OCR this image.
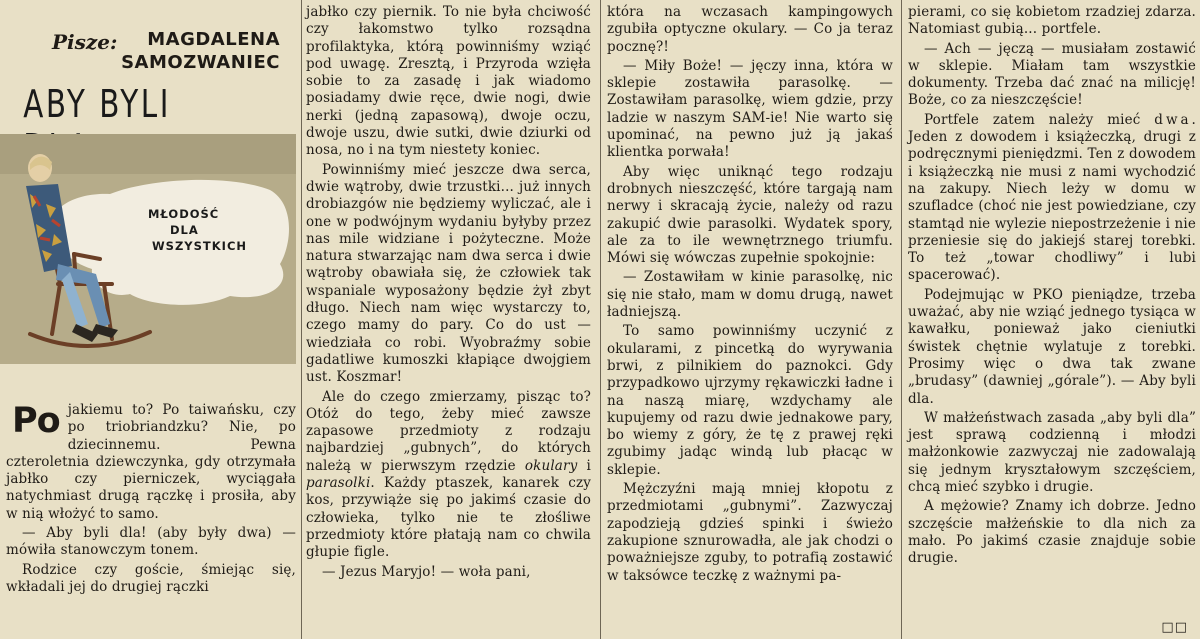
Pisze:	MAGDALENA SAMOZWANIEC
ABY BYLI
MŁODOŚĆ
DLA
WSZYSTKICH

Po jakiemu to? Po taiwańsku, czy po triobriandzku? Nie, po dziecinnemu. Pewna czteroletnia dziewczynka, gdy otrzymała jabłko czy pierniczek, wyciągała natychmiast drugą rączkę i prosiła, aby w nią włożyć to samo.

— Aby byli dla! (aby były dwa) — mówiła stanowczym tonem.

Rodzice czy goście, śmiejąc się, wkładali jej do drugiej rączki

jabłko czy piernik. To nie była chciwość czy łakomstwo tylko rozsądna profilaktyka, którą powinniśmy wziąć pod uwagę. Zresztą, i Przyroda wzięła sobie to za zasadę i jak wiadomo posiadamy dwie ręce, dwie nogi, dwie nerki (jedną zapasową), dwoje oczu, dwoje uszu, dwie sutki, dwie dziurki od nosa, no i na tym niestety koniec.

Powinniśmy mieć jeszcze dwa serca, dwie wątroby, dwie trzustki... już innych drobiazgów nie będziemy wyliczać, ale i one w podwójnym wydaniu byłyby przez nas mile widziane i pożyteczne. Może natura stwarzając nam dwa serca i dwie wątroby obawiała się, że człowiek tak wspaniale wyposażony będzie żył zbyt długo. Niech nam więc wystarczy to, czego mamy do pary. Co do ust — wiedziała co robi. Wyobraźmy sobie gadatliwe kumoszki kłapiące dwojgiem ust. Koszmar!

Ale do czego zmierzamy, pisząc to? Otóż do tego, żeby mieć zawsze zapasowe przedmioty z rodzaju najbardziej „gubnych”, do których należą w pierwszym rzędzie okulary i parasolki. Każdy ptaszek, kanarek czy kos, przywiąże się po jakimś czasie do człowieka, tylko nie te złośliwe przedmioty które płatają nam co chwila głupie figle.

— Jezus Maryjo! — woła pani,

która na wczasach kampingowych zgubiła optyczne okulary. — Co ja teraz pocznę?!

— Miły Boże! — jęczy inna, która w sklepie zostawiła parasolkę. — Zostawiłam parasolkę, wiem gdzie, przy ladzie w naszym SAM-ie! Nie warto się upominać, na pewno już ją jakaś klientka porwała!

Aby więc uniknąć tego rodzaju drobnych nieszczęść, które targają nam nerwy i skracają życie, należy od razu zakupić dwie parasolki. Wydatek spory, ale za to ile wewnętrznego triumfu. Mówi się wówczas zupełnie spokojnie:

— Zostawiłam w kinie parasolkę, nic się nie stało, mam w domu drugą, nawet ładniejszą.

To samo powinniśmy uczynić z okularami, z pincetką do wyrywania brwi, z pilnikiem do paznokci. Gdy przypadkowo ujrzymy rękawiczki ładne i na naszą miarę, wzdychamy ale kupujemy od razu dwie jednakowe pary, bo wiemy z góry, że tę z prawej ręki zgubimy jadąc windą lub płacąc w sklepie.

Mężczyźni mają mniej kłopotu z przedmiotami „gubnymi”. Zazwyczaj zapodzieją gdzieś spinki i świeżo zakupione sznurowadła, ale jak chodzi o poważniejsze zguby, to potrafią zostawić w taksówce teczkę z ważnymi pa-

pierami, co się kobietom rzadziej zdarza. Natomiast gubią... portfele.

— Ach — jęczą — musiałam zostawić w sklepie. Miałam tam wszystkie dokumenty. Trzeba dać znać na milicję! Boże, co za nieszczęście!

Portfele zatem należy mieć dwa. Jeden z dowodem i książeczką, drugi z podręcznymi pieniędzmi. Ten z dowodem i książeczką nie musi z nami wychodzić na zakupy. Niech leży w domu w szufladce (choć nie jest powiedziane, czy stamtąd nie wylezie niepostrzeżenie i nie przeniesie się do jakiejś starej torebki. To też „towar chodliwy” i lubi spacerować).

Podejmując w PKO pieniądze, trzeba uważać, aby nie wziąć jednego tysiąca w kawałku, ponieważ jako cieniutki świstek chętnie wylatuje z torebki. Prosimy więc o dwa tak zwane „brudasy” (dawniej „górale”). — Aby byli dla.

W małżeństwach zasada „aby byli dla” jest sprawą codzienną i młodzi małżonkowie zazwyczaj nie zadowalają się jednym kryształowym szczęściem, chcą mieć szybko i drugie.

A mężowie? Znamy ich dobrze. Jedno szczęście małżeńskie to dla nich za mało. Po jakimś czasie znajduje sobie drugie.

□□
